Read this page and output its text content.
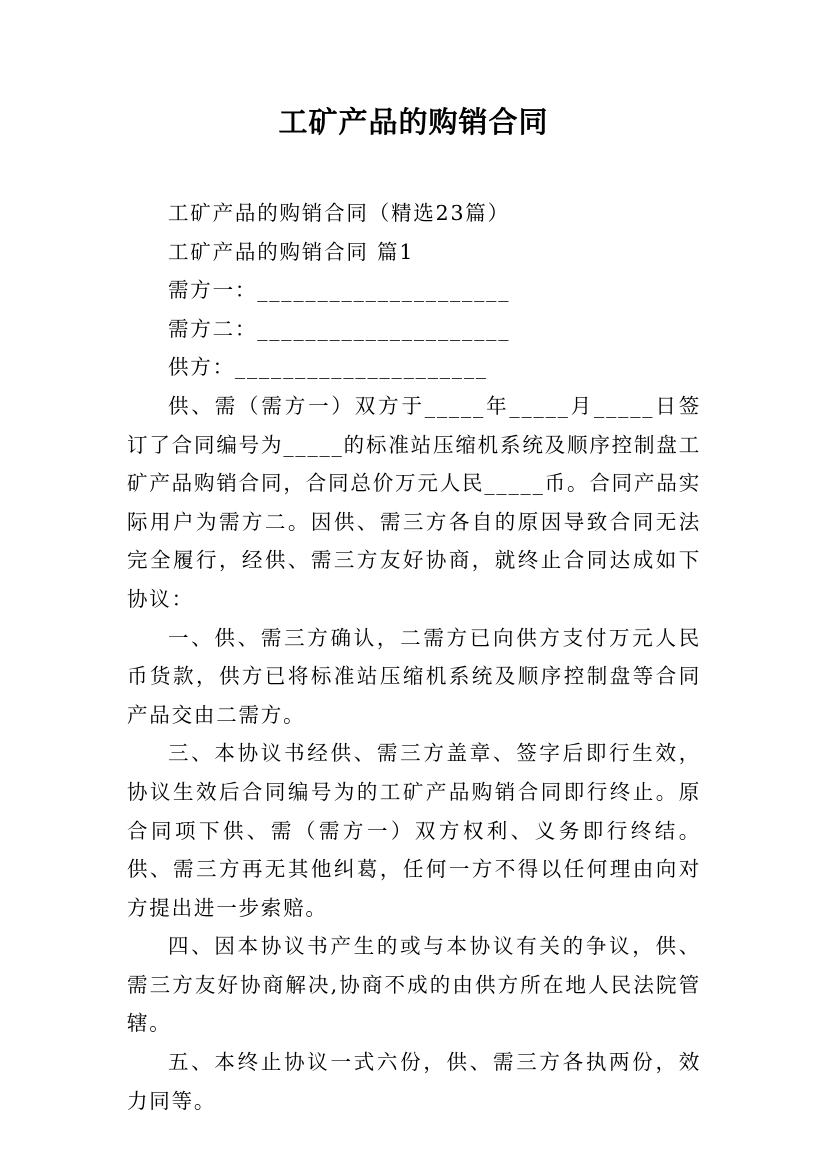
工矿产品的购销合同

工矿产品的购销合同（精选23篇）

工矿产品的购销合同 篇1

需方一：_____________________

需方二：_____________________

供方：_____________________

供、需（需方一）双方于_____年_____月_____日签订了合同编号为_____的标准站压缩机系统及顺序控制盘工矿产品购销合同，合同总价万元人民_____币。合同产品实际用户为需方二。因供、需三方各自的原因导致合同无法完全履行，经供、需三方友好协商，就终止合同达成如下协议：

一、供、需三方确认，二需方已向供方支付万元人民币货款，供方已将标准站压缩机系统及顺序控制盘等合同产品交由二需方。

三、本协议书经供、需三方盖章、签字后即行生效，协议生效后合同编号为的工矿产品购销合同即行终止。原合同项下供、需（需方一）双方权利、义务即行终结。供、需三方再无其他纠葛，任何一方不得以任何理由向对方提出进一步索赔。

四、因本协议书产生的或与本协议有关的争议，供、需三方友好协商解决,协商不成的由供方所在地人民法院管辖。

五、本终止协议一式六份，供、需三方各执两份，效力同等。
